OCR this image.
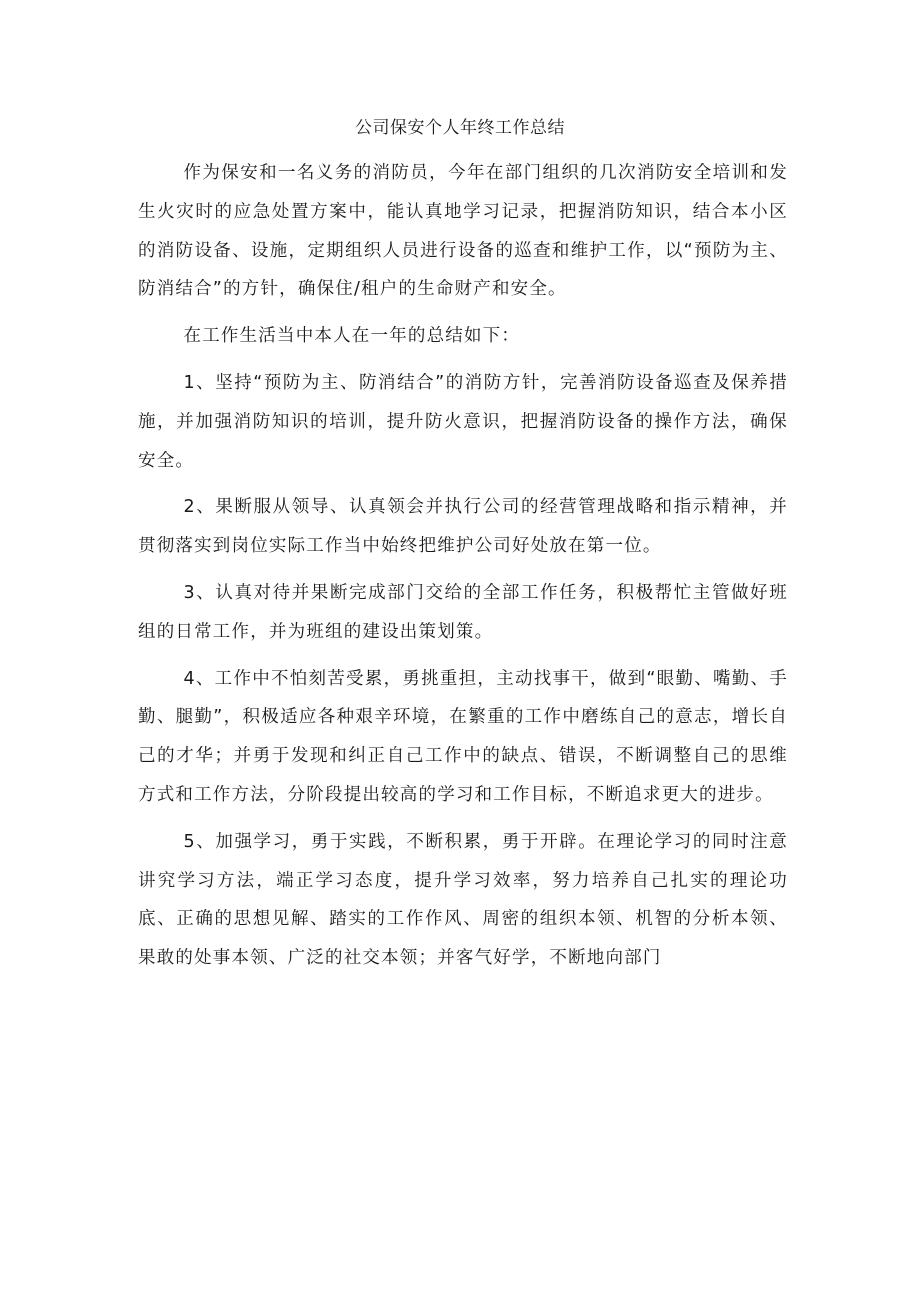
公司保安个人年终工作总结

作为保安和一名义务的消防员，今年在部门组织的几次消防安全培训和发生火灾时的应急处置方案中，能认真地学习记录，把握消防知识，结合本小区的消防设备、设施，定期组织人员进行设备的巡查和维护工作，以“预防为主、防消结合”的方针，确保住/租户的生命财产和安全。

在工作生活当中本人在一年的总结如下：

1、坚持“预防为主、防消结合”的消防方针，完善消防设备巡查及保养措施，并加强消防知识的培训，提升防火意识，把握消防设备的操作方法，确保安全。

2、果断服从领导、认真领会并执行公司的经营管理战略和指示精神，并贯彻落实到岗位实际工作当中始终把维护公司好处放在第一位。

3、认真对待并果断完成部门交给的全部工作任务，积极帮忙主管做好班组的日常工作，并为班组的建设出策划策。

4、工作中不怕刻苦受累，勇挑重担，主动找事干，做到“眼勤、嘴勤、手勤、腿勤”，积极适应各种艰辛环境，在繁重的工作中磨练自己的意志，增长自己的才华；并勇于发现和纠正自己工作中的缺点、错误，不断调整自己的思维方式和工作方法，分阶段提出较高的学习和工作目标，不断追求更大的进步。

5、加强学习，勇于实践，不断积累，勇于开辟。在理论学习的同时注意讲究学习方法，端正学习态度，提升学习效率，努力培养自己扎实的理论功底、正确的思想见解、踏实的工作作风、周密的组织本领、机智的分析本领、果敢的处事本领、广泛的社交本领；并客气好学，不断地向部门
